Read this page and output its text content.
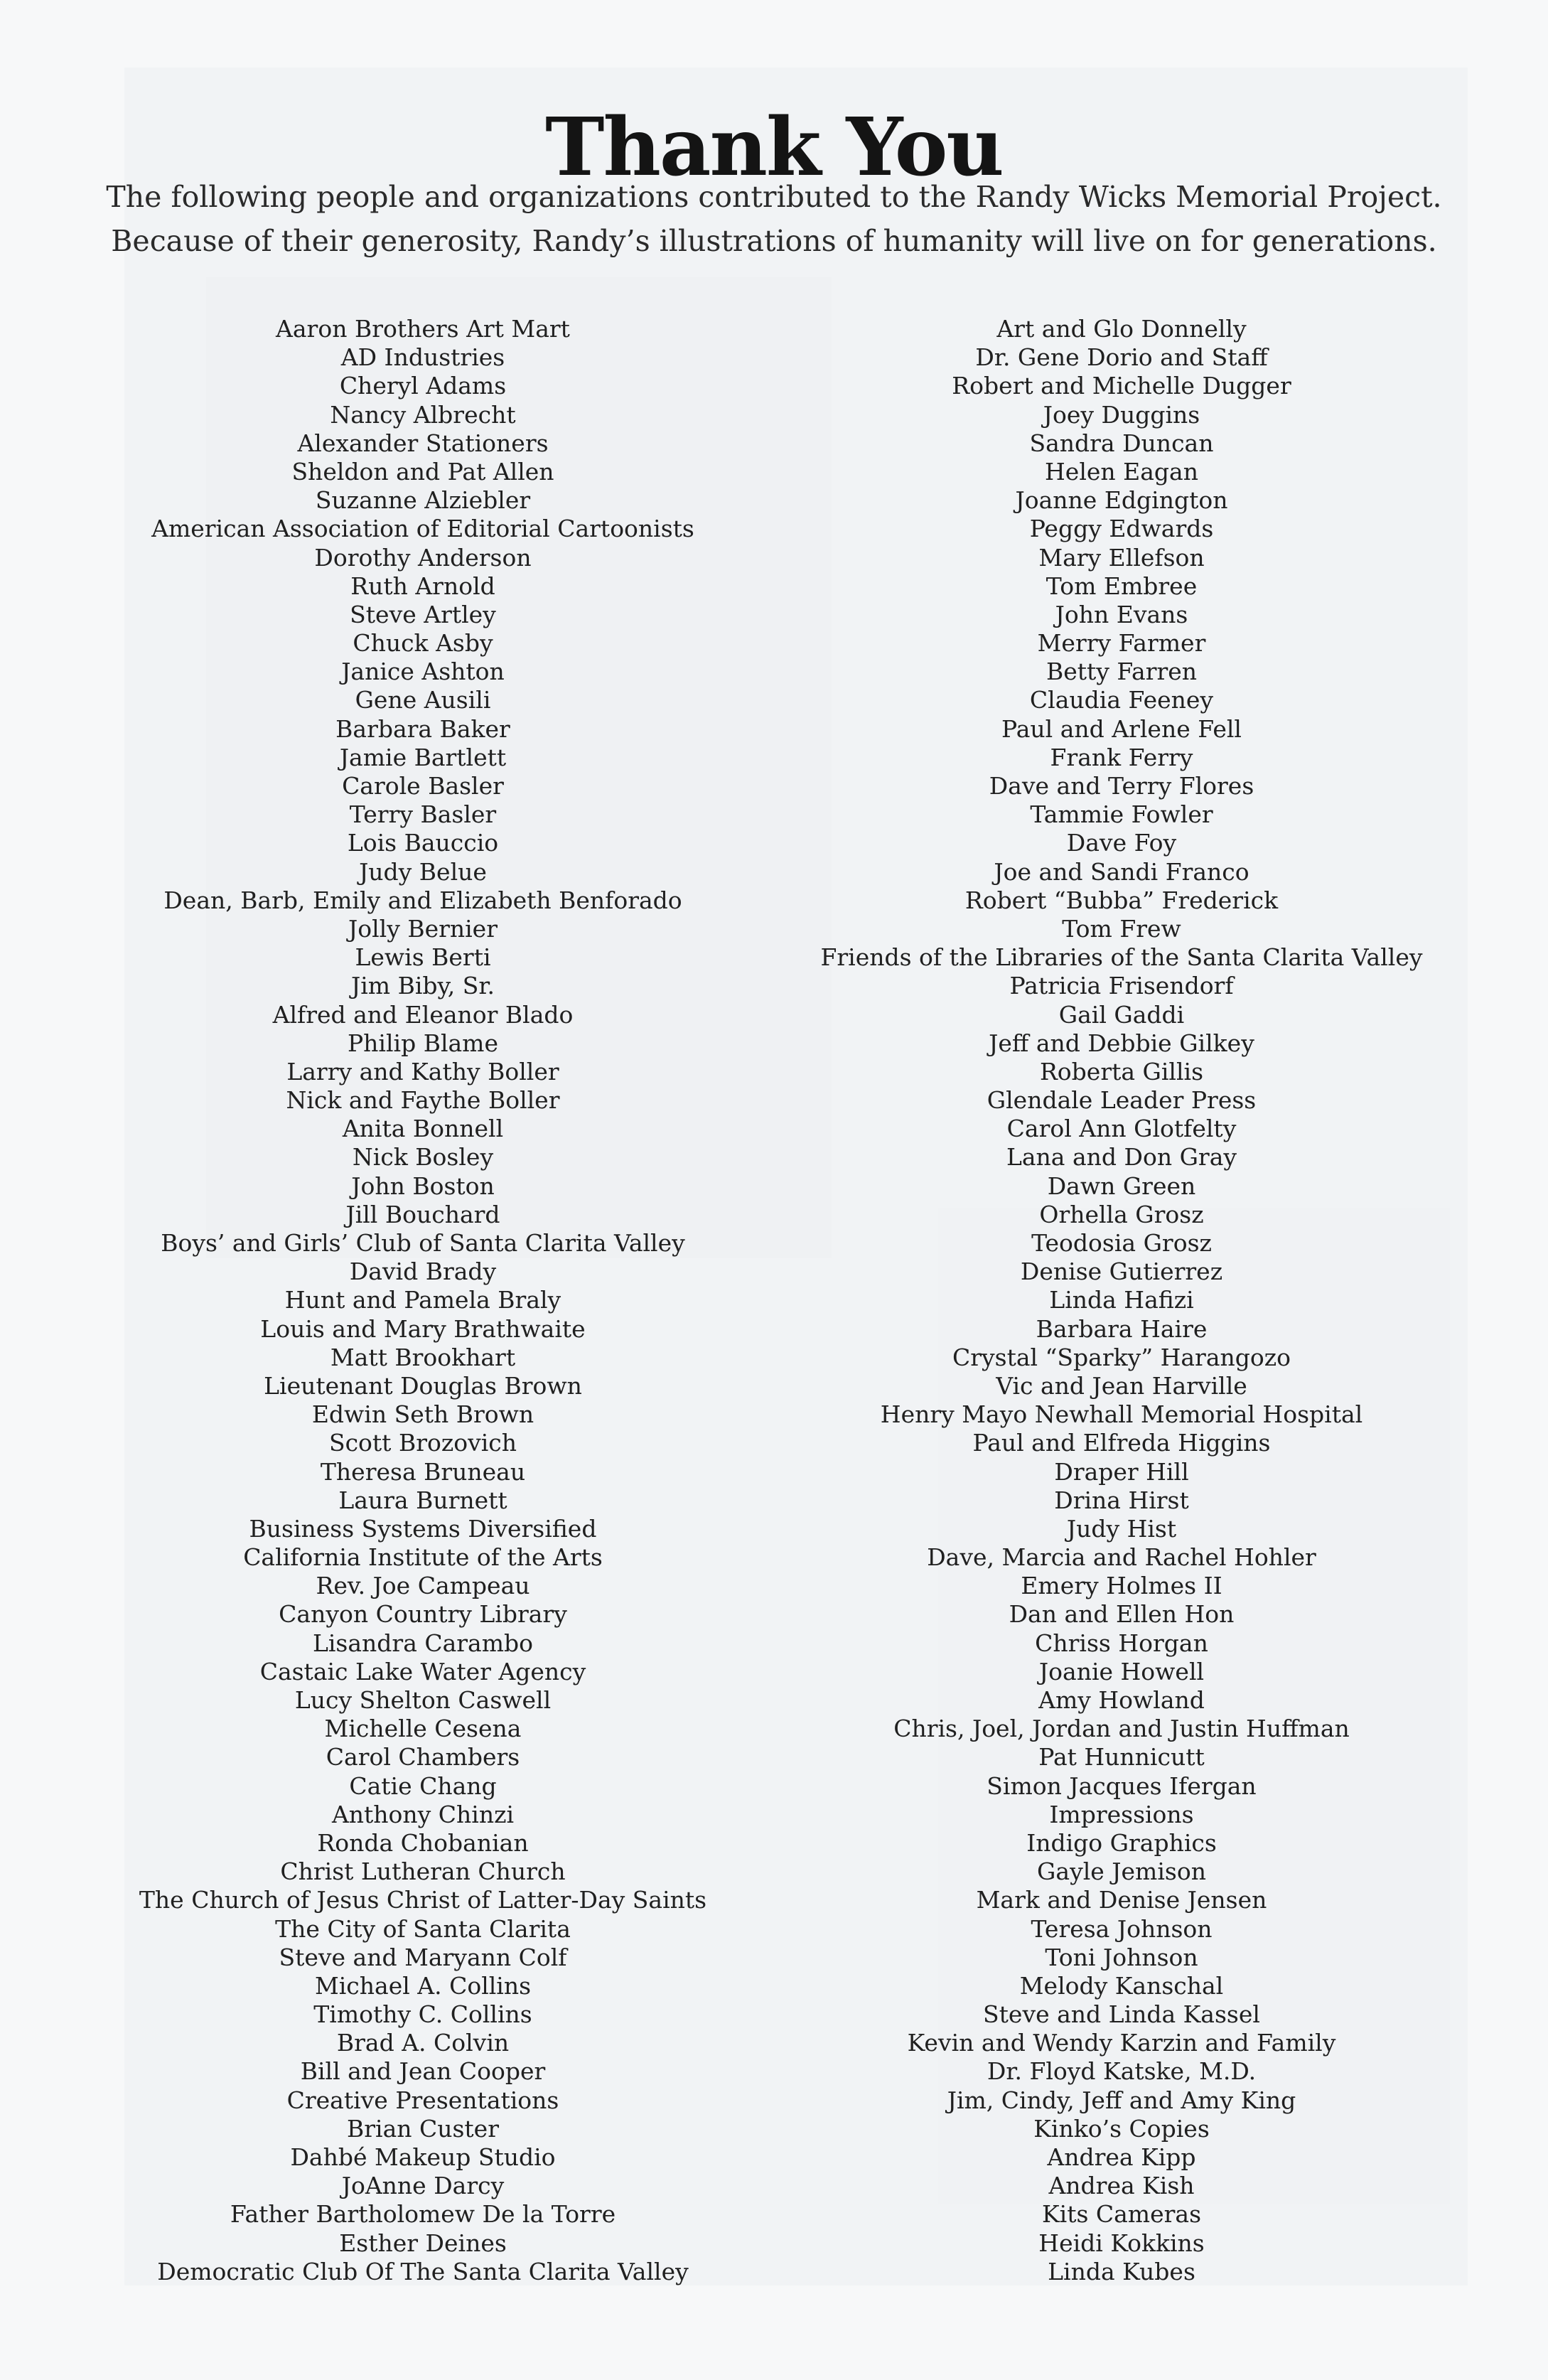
Thank You
The following people and organizations contributed to the Randy Wicks Memorial Project.
Because of their generosity, Randy’s illustrations of humanity will live on for generations.
Aaron Brothers Art Mart
AD Industries
Cheryl Adams
Nancy Albrecht
Alexander Stationers
Sheldon and Pat Allen
Suzanne Alziebler
American Association of Editorial Cartoonists
Dorothy Anderson
Ruth Arnold
Steve Artley
Chuck Asby
Janice Ashton
Gene Ausili
Barbara Baker
Jamie Bartlett
Carole Basler
Terry Basler
Lois Bauccio
Judy Belue
Dean, Barb, Emily and Elizabeth Benforado
Jolly Bernier
Lewis Berti
Jim Biby, Sr.
Alfred and Eleanor Blado
Philip Blame
Larry and Kathy Boller
Nick and Faythe Boller
Anita Bonnell
Nick Bosley
John Boston
Jill Bouchard
Boys’ and Girls’ Club of Santa Clarita Valley
David Brady
Hunt and Pamela Braly
Louis and Mary Brathwaite
Matt Brookhart
Lieutenant Douglas Brown
Edwin Seth Brown
Scott Brozovich
Theresa Bruneau
Laura Burnett
Business Systems Diversified
California Institute of the Arts
Rev. Joe Campeau
Canyon Country Library
Lisandra Carambo
Castaic Lake Water Agency
Lucy Shelton Caswell
Michelle Cesena
Carol Chambers
Catie Chang
Anthony Chinzi
Ronda Chobanian
Christ Lutheran Church
The Church of Jesus Christ of Latter-Day Saints
The City of Santa Clarita
Steve and Maryann Colf
Michael A. Collins
Timothy C. Collins
Brad A. Colvin
Bill and Jean Cooper
Creative Presentations
Brian Custer
Dahbé Makeup Studio
JoAnne Darcy
Father Bartholomew De la Torre
Esther Deines
Democratic Club Of The Santa Clarita Valley
Art and Glo Donnelly
Dr. Gene Dorio and Staff
Robert and Michelle Dugger
Joey Duggins
Sandra Duncan
Helen Eagan
Joanne Edgington
Peggy Edwards
Mary Ellefson
Tom Embree
John Evans
Merry Farmer
Betty Farren
Claudia Feeney
Paul and Arlene Fell
Frank Ferry
Dave and Terry Flores
Tammie Fowler
Dave Foy
Joe and Sandi Franco
Robert “Bubba” Frederick
Tom Frew
Friends of the Libraries of the Santa Clarita Valley
Patricia Frisendorf
Gail Gaddi
Jeff and Debbie Gilkey
Roberta Gillis
Glendale Leader Press
Carol Ann Glotfelty
Lana and Don Gray
Dawn Green
Orhella Grosz
Teodosia Grosz
Denise Gutierrez
Linda Hafizi
Barbara Haire
Crystal “Sparky” Harangozo
Vic and Jean Harville
Henry Mayo Newhall Memorial Hospital
Paul and Elfreda Higgins
Draper Hill
Drina Hirst
Judy Hist
Dave, Marcia and Rachel Hohler
Emery Holmes II
Dan and Ellen Hon
Chriss Horgan
Joanie Howell
Amy Howland
Chris, Joel, Jordan and Justin Huffman
Pat Hunnicutt
Simon Jacques Ifergan
Impressions
Indigo Graphics
Gayle Jemison
Mark and Denise Jensen
Teresa Johnson
Toni Johnson
Melody Kanschal
Steve and Linda Kassel
Kevin and Wendy Karzin and Family
Dr. Floyd Katske, M.D.
Jim, Cindy, Jeff and Amy King
Kinko’s Copies
Andrea Kipp
Andrea Kish
Kits Cameras
Heidi Kokkins
Linda Kubes
